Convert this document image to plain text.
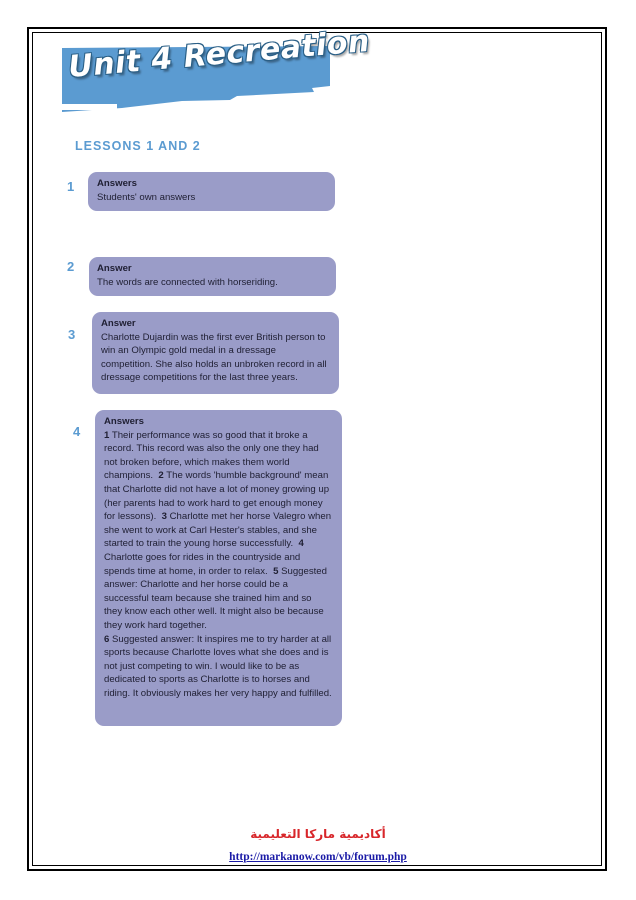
Unit 4 Recreation
LESSONS 1 AND 2
1 Answers

Students' own answers

2 Answer

The words are connected with horseriding.

3
Answer

Charlotte Dujardin was the first ever British person to win an Olympic gold medal in a dressage competition. She also holds an unbroken record in all dressage competitions for the last three years.

4
Answers

1 Their performance was so good that it broke a record. This record was also the only one they had not broken before, which makes them world champions. 2 The words 'humble background' mean that Charlotte did not have a lot of money growing up (her parents had to work hard to get enough money for lessons). 3 Charlotte met her horse Valegro when she went to work at Carl Hester's stables, and she started to train the young horse successfully. 4 Charlotte goes for rides in the countryside and spends time at home, in order to relax. 5 Suggested answer: Charlotte and her horse could be a successful team because she trained him and so they know each other well. It might also be because they work hard together.

6 Suggested answer: It inspires me to try harder at all sports because Charlotte loves what she does and is not just competing to win. I would like to be as dedicated to sports as Charlotte is to horses and riding. It obviously makes her very happy and fulfilled.

أكاديمية ماركا التعليمية
http://markanow.com/vb/forum.php
